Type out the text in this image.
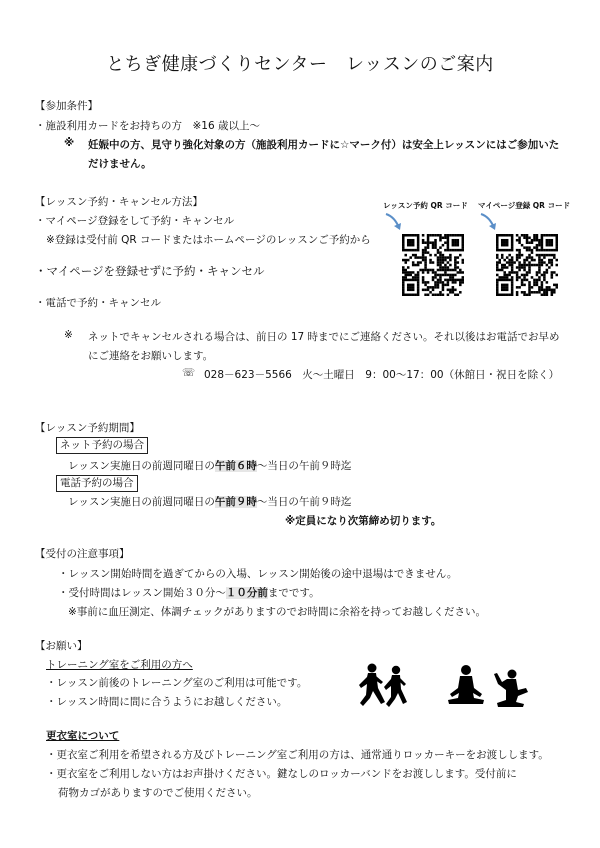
とちぎ健康づくりセンター　レッスンのご案内
【参加条件】
・施設利用カードをお持ちの方　※16 歳以上～
※ 妊娠中の方、見守り強化対象の方（施設利用カードに☆マーク付）は安全上レッスンにはご参加いた
だけません。
【レッスン予約・キャンセル方法】
・マイページ登録をして予約・キャンセル
※登録は受付前 QR コードまたはホームページのレッスンご予約から
・マイページを登録せずに予約・キャンセル
・電話で予約・キャンセル
レッスン予約 QR コード マイページ登録 QR コード
※ ネットでキャンセルされる場合は、前日の 17 時までにご連絡ください。それ以後はお電話でお早め
にご連絡をお願いします。
☏ 028－623－5566　火～土曜日　9：00～17：00（休館日・祝日を除く）
【レッスン予約期間】
ネット予約の場合
レッスン実施日の前週同曜日の午前６時～当日の午前９時迄
電話予約の場合
レッスン実施日の前週同曜日の午前９時～当日の午前９時迄
※定員になり次第締め切ります。
【受付の注意事項】
・レッスン開始時間を過ぎてからの入場、レッスン開始後の途中退場はできません。
・受付時間はレッスン開始３０分～１０分前までです。
※事前に血圧測定、体調チェックがありますのでお時間に余裕を持ってお越しください。
【お願い】
トレーニング室をご利用の方へ
・レッスン前後のトレーニング室のご利用は可能です。
・レッスン時間に間に合うようにお越しください。
更衣室について
・更衣室ご利用を希望される方及びトレーニング室ご利用の方は、通常通りロッカーキーをお渡しします。
・更衣室をご利用しない方はお声掛けください。鍵なしのロッカーバンドをお渡しします。受付前に
荷物カゴがありますのでご使用ください。
